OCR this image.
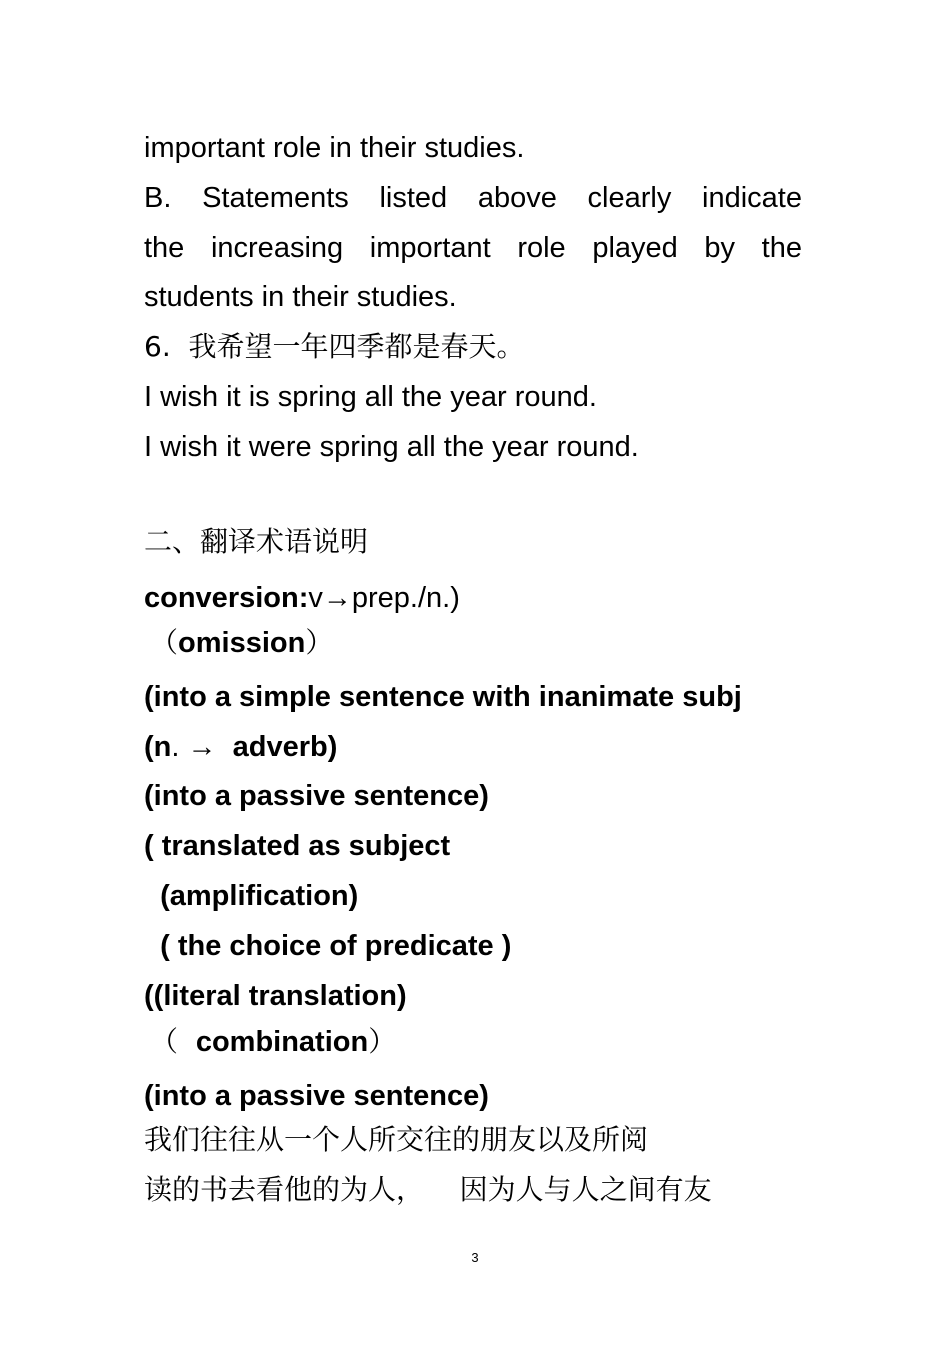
important role in their studies.
B. Statements listed above clearly indicate
the increasing important role played by the
students in their studies.
6.  我希望一年四季都是春天。
I wish it is spring all the year round.
I wish it were spring all the year round.
二、翻译术语说明
conversion:v→prep./n.)
（omission）
(into a simple sentence with inanimate subj
(n. →  adverb)
(into a passive sentence)
( translated as subject
(amplification)
( the choice of predicate )
((literal translation)
（  combination）
(into a passive sentence)
我们往往从一个人所交往的朋友以及所阅
读的书去看他的为人，    因为人与人之间有友
3
